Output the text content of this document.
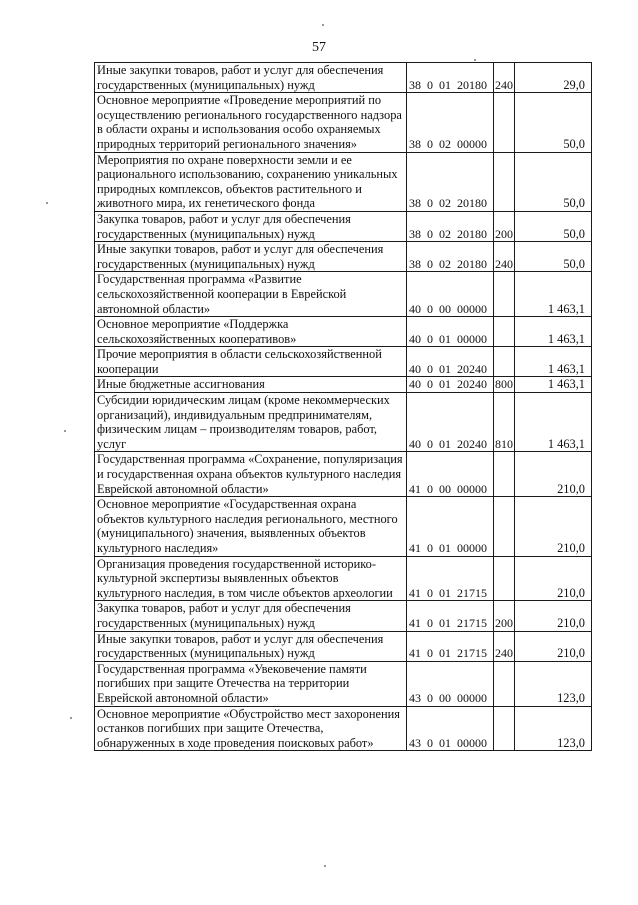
57
Иные закупки товаров, работ и услуг для обеспечения государственных (муниципальных) нужд	38  0  01  20180	240	29,0
Основное мероприятие «Проведение мероприятий по осуществлению регионального государственного надзора в области охраны и использования особо охраняемых природных территорий регионального значения»	38  0  02  00000		50,0
Мероприятия по охране поверхности земли и ее рационального использованию, сохранению уникальных природных комплексов, объектов растительного и животного мира, их генетического фонда	38  0  02  20180		50,0
Закупка товаров, работ и услуг для обеспечения государственных (муниципальных) нужд	38  0  02  20180	200	50,0
Иные закупки товаров, работ и услуг для обеспечения государственных (муниципальных) нужд	38  0  02  20180	240	50,0
Государственная программа «Развитие сельскохозяйственной кооперации в Еврейской автономной области»	40  0  00  00000		1 463,1
Основное мероприятие «Поддержка сельскохозяйственных кооперативов»	40  0  01  00000		1 463,1
Прочие мероприятия в области сельскохозяйственной кооперации	40  0  01  20240		1 463,1
Иные бюджетные ассигнования	40  0  01  20240	800	1 463,1
Субсидии юридическим лицам (кроме некоммерческих организаций), индивидуальным предпринимателям, физическим лицам – производителям товаров, работ, услуг	40  0  01  20240	810	1 463,1
Государственная программа «Сохранение, популяризация и государственная охрана объектов культурного наследия Еврейской автономной области»	41  0  00  00000		210,0
Основное мероприятие «Государственная охрана объектов культурного наследия регионального, местного (муниципального) значения, выявленных объектов культурного наследия»	41  0  01  00000		210,0
Организация проведения государственной историко-культурной экспертизы выявленных объектов культурного наследия, в том числе объектов археологии	41  0  01  21715		210,0
Закупка товаров, работ и услуг для обеспечения государственных (муниципальных) нужд	41  0  01  21715	200	210,0
Иные закупки товаров, работ и услуг для обеспечения государственных (муниципальных) нужд	41  0  01  21715	240	210,0
Государственная программа «Увековечение памяти погибших при защите Отечества на территории Еврейской автономной области»	43  0  00  00000		123,0
Основное мероприятие «Обустройство мест захоронения останков погибших при защите Отечества, обнаруженных в ходе проведения поисковых работ»	43  0  01  00000		123,0
